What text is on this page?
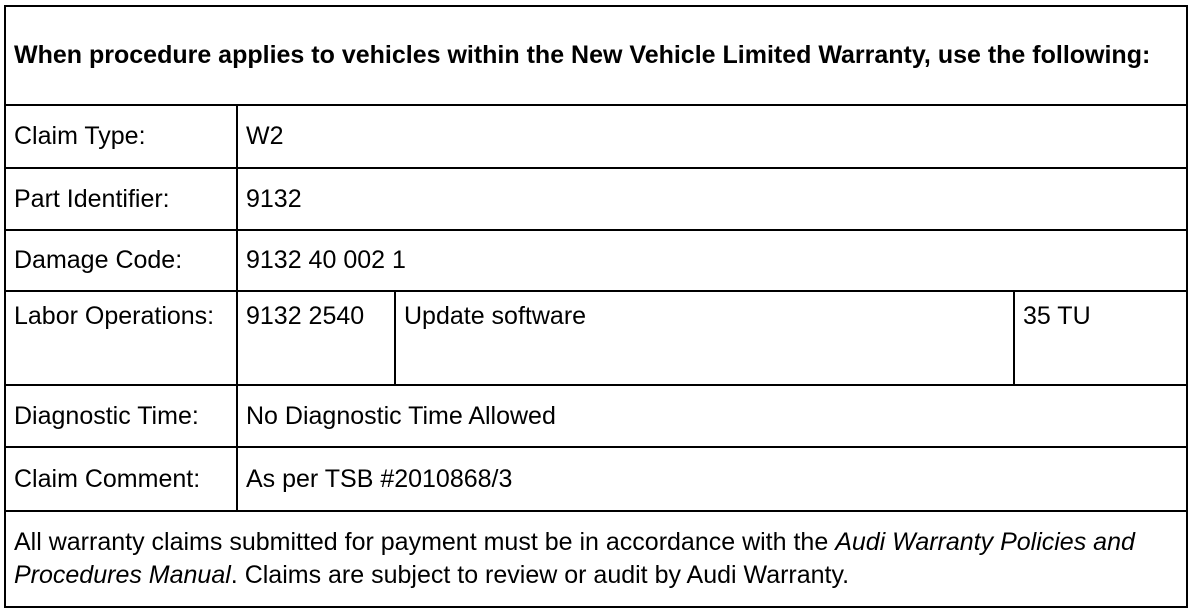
When procedure applies to vehicles within the New Vehicle Limited Warranty, use the following:			
Claim Type:	W2		
Part Identifier:	9132		
Damage Code:	9132 40 002 1		
Labor Operations:	9132 2540	Update software	35 TU
Diagnostic Time:	No Diagnostic Time Allowed		
Claim Comment:	As per TSB #2010868/3		
All warranty claims submitted for payment must be in accordance with the Audi Warranty Policies and Procedures Manual. Claims are subject to review or audit by Audi Warranty.			
